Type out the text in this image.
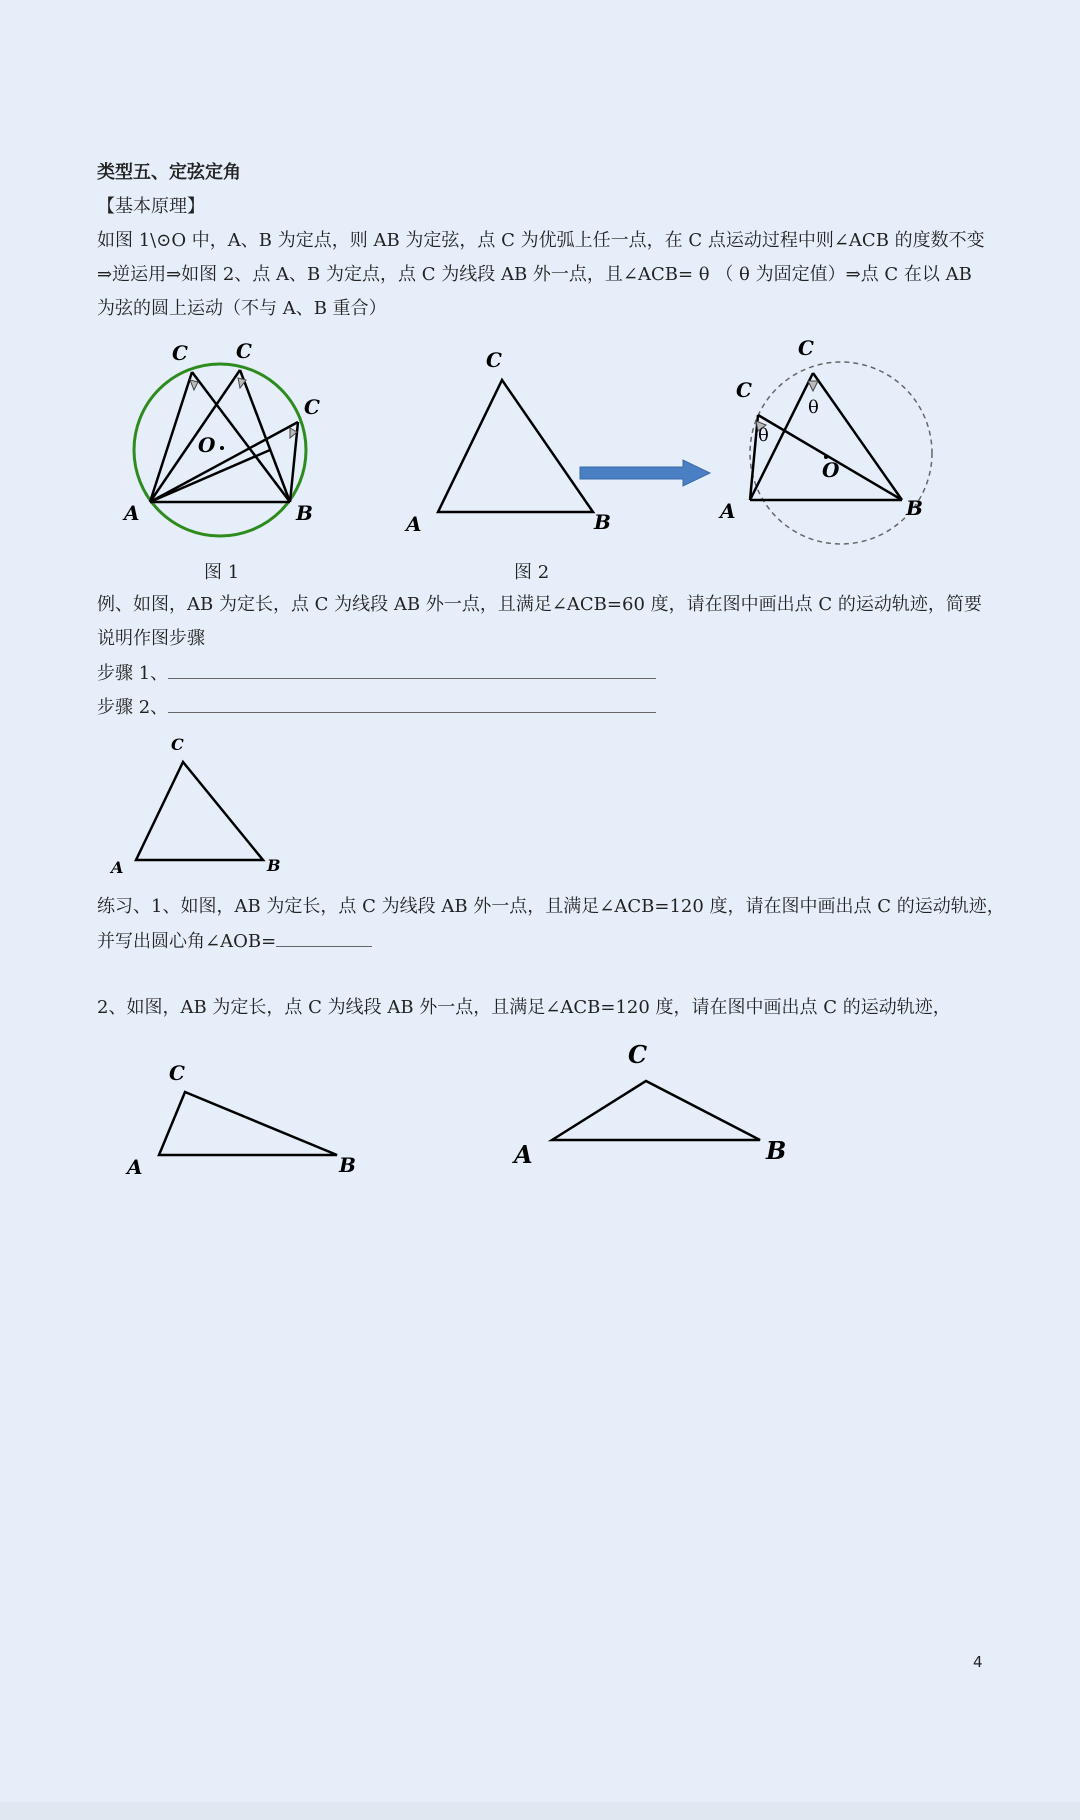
类型五、定弦定角
【基本原理】
如图 1\⊙O 中，A、B 为定点，则 AB 为定弦，点 C 为优弧上任一点，在 C 点运动过程中则∠ACB 的度数不变⇒逆运用⇒如图 2、点 A、B 为定点，点 C 为线段 AB 外一点，且∠ACB= θ （ θ 为固定值）⇒点 C 在以 AB 为弦的圆上运动（不与 A、B 重合）
C C
C
O
A	B
C
A	B
θ
θ
C
C
O
A	B
图 1	图 2
例、如图，AB 为定长，点 C 为线段 AB 外一点，且满足∠ACB=60 度，请在图中画出点 C 的运动轨迹，简要说明作图步骤
步骤 1、
步骤 2、
C
A	B
练习、1、如图，AB 为定长，点 C 为线段 AB 外一点，且满足∠ACB=120 度，请在图中画出点 C 的运动轨迹，
并写出圆心角∠AOB=
2、如图，AB 为定长，点 C 为线段 AB 外一点，且满足∠ACB=120 度，请在图中画出点 C 的运动轨迹，
C
A	B
C
A	B
4
